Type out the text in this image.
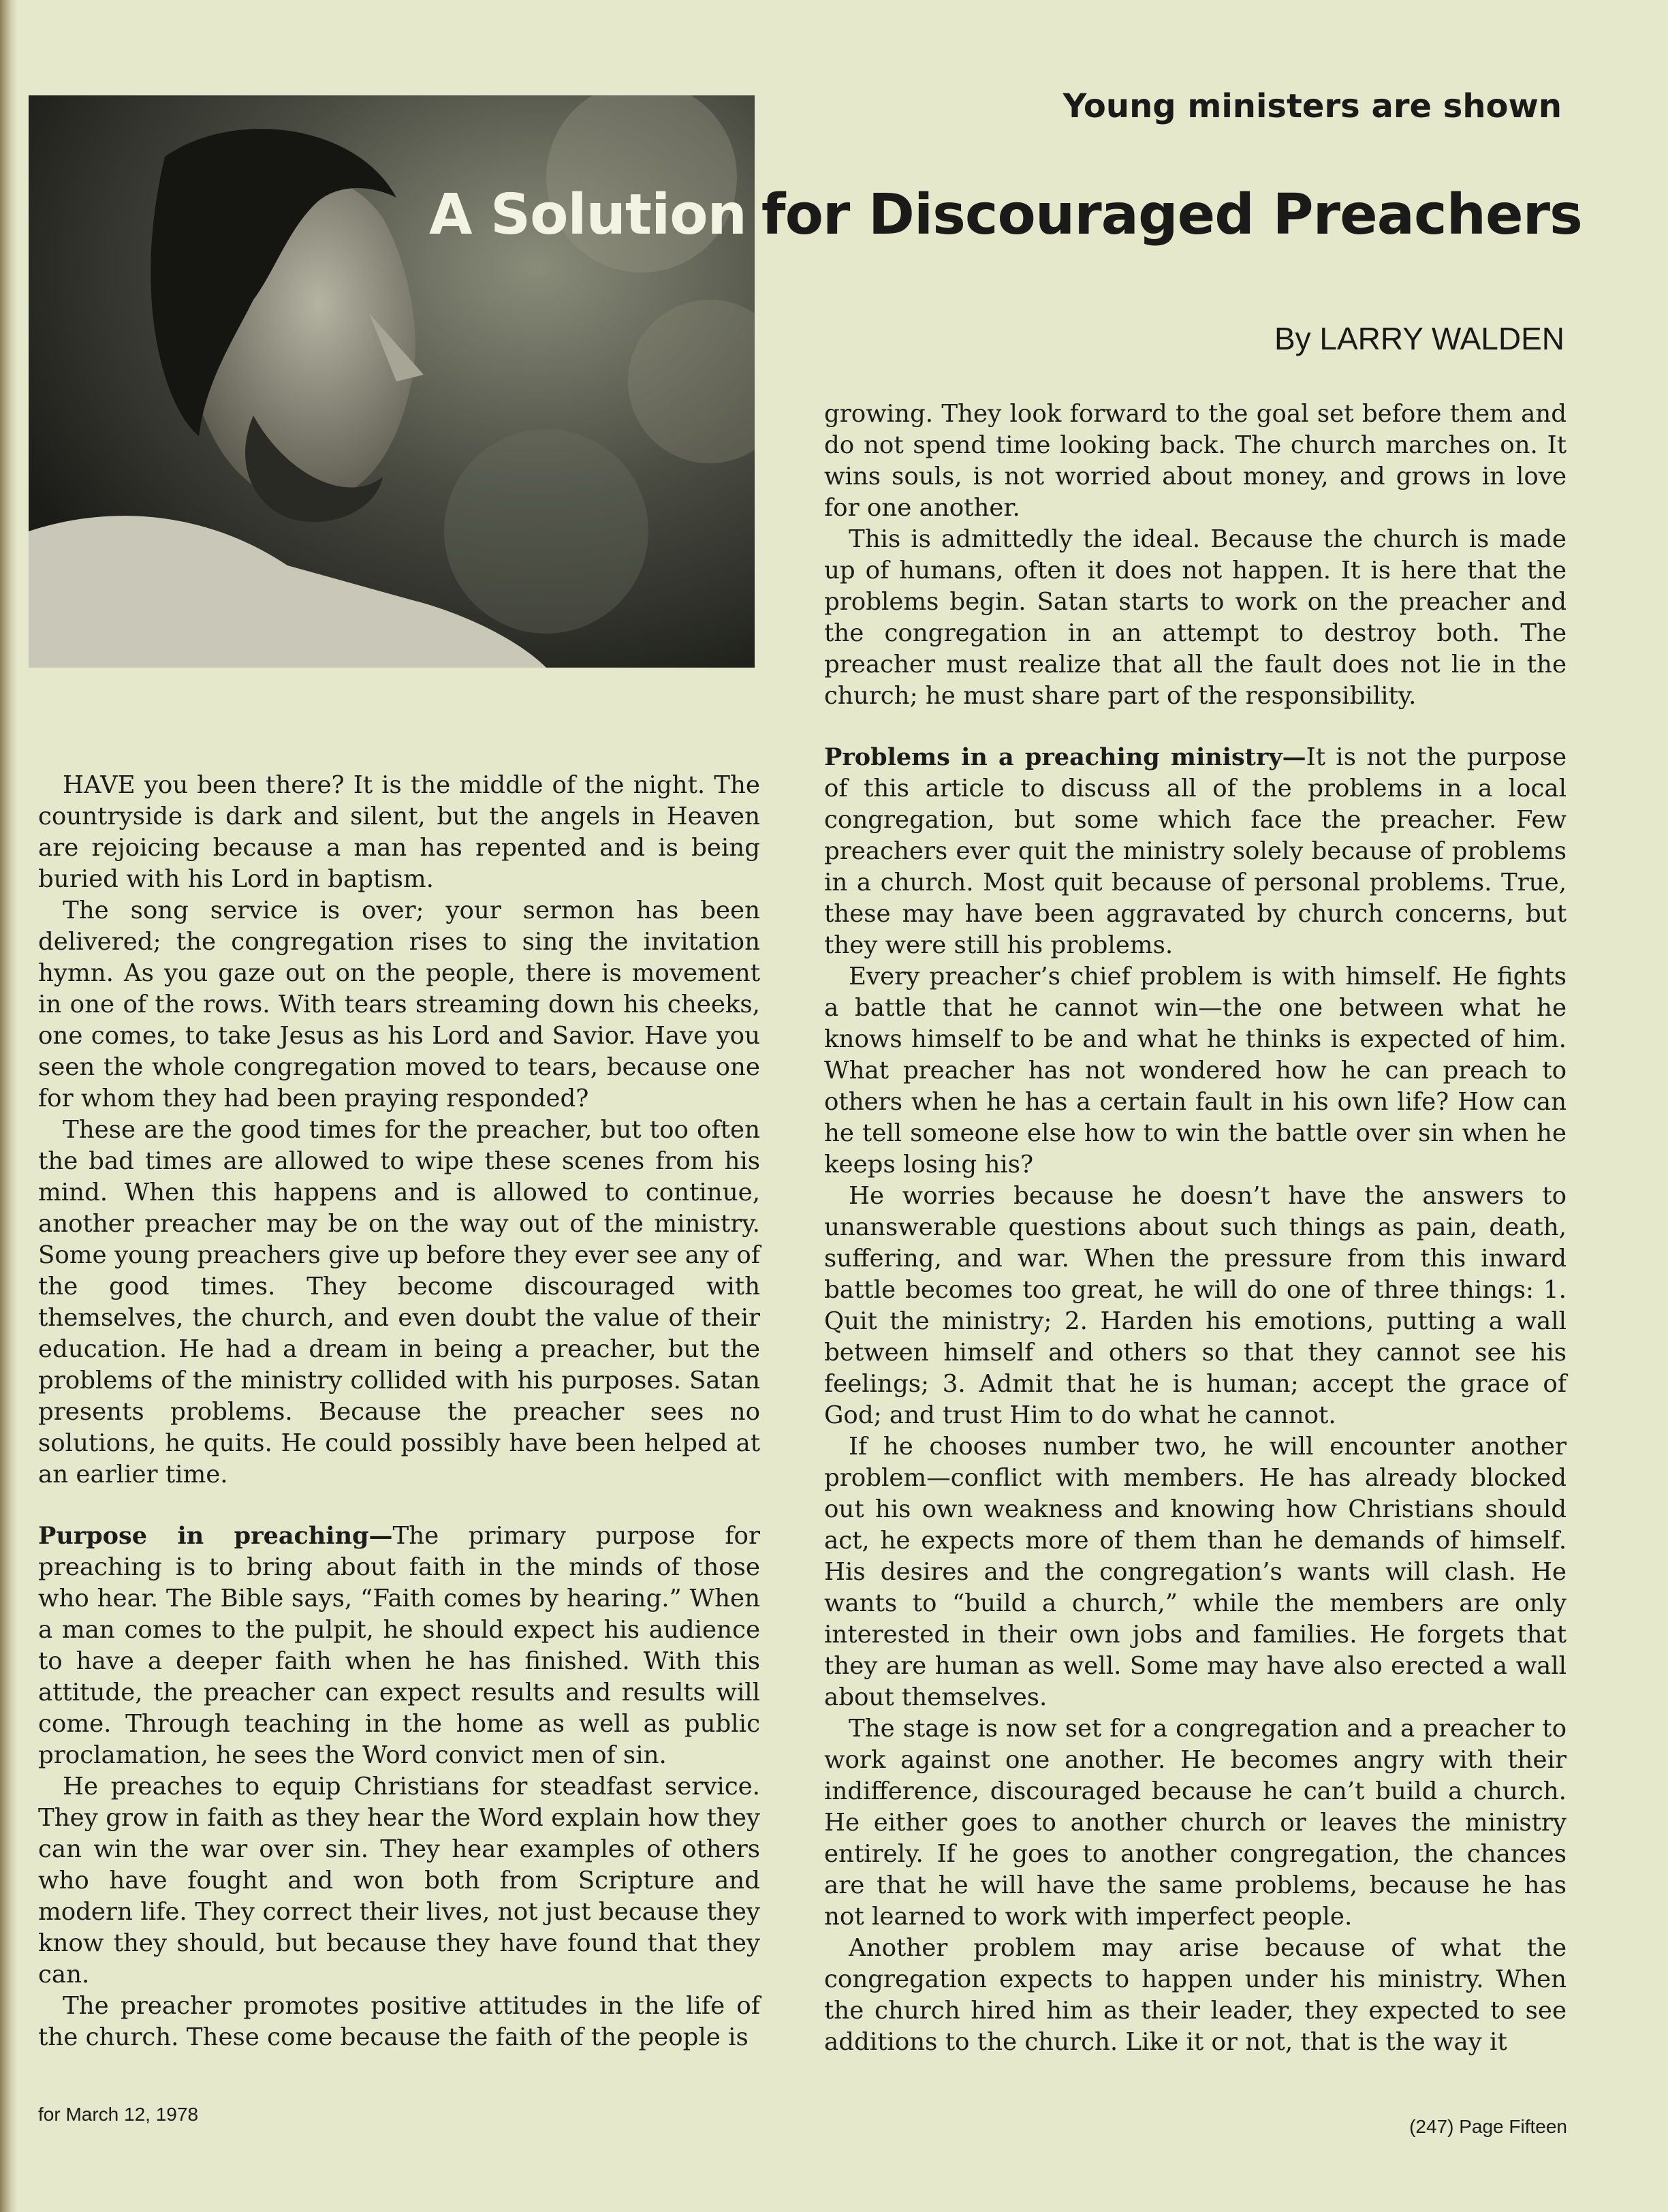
Young ministers are shown
A Solution for Discouraged Preachers
By LARRY WALDEN

HAVE you been there? It is the middle of the night. The countryside is dark and silent, but the angels in Heaven are rejoicing because a man has repented and is being buried with his Lord in baptism.

The song service is over; your sermon has been delivered; the congregation rises to sing the invitation hymn. As you gaze out on the people, there is movement in one of the rows. With tears streaming down his cheeks, one comes, to take Jesus as his Lord and Savior. Have you seen the whole congregation moved to tears, because one for whom they had been praying responded?

These are the good times for the preacher, but too often the bad times are allowed to wipe these scenes from his mind. When this happens and is allowed to continue, another preacher may be on the way out of the ministry. Some young preachers give up before they ever see any of the good times. They become discouraged with themselves, the church, and even doubt the value of their education. He had a dream in being a preacher, but the problems of the ministry collided with his purposes. Satan presents problems. Because the preacher sees no solutions, he quits. He could possibly have been helped at an earlier time.

Purpose in preaching—The primary purpose for preaching is to bring about faith in the minds of those who hear. The Bible says, “Faith comes by hearing.” When a man comes to the pulpit, he should expect his audience to have a deeper faith when he has finished. With this attitude, the preacher can expect results and results will come. Through teaching in the home as well as public proclamation, he sees the Word convict men of sin.

He preaches to equip Christians for steadfast service. They grow in faith as they hear the Word explain how they can win the war over sin. They hear examples of others who have fought and won both from Scripture and modern life. They correct their lives, not just because they know they should, but because they have found that they can.

The preacher promotes positive attitudes in the life of the church. These come because the faith of the people is

growing. They look forward to the goal set before them and do not spend time looking back. The church marches on. It wins souls, is not worried about money, and grows in love for one another.

This is admittedly the ideal. Because the church is made up of humans, often it does not happen. It is here that the problems begin. Satan starts to work on the preacher and the congregation in an attempt to destroy both. The preacher must realize that all the fault does not lie in the church; he must share part of the responsibility.

Problems in a preaching ministry—It is not the purpose of this article to discuss all of the problems in a local congregation, but some which face the preacher. Few preachers ever quit the ministry solely because of problems in a church. Most quit because of personal problems. True, these may have been aggravated by church concerns, but they were still his problems.

Every preacher’s chief problem is with himself. He fights a battle that he cannot win—the one between what he knows himself to be and what he thinks is expected of him. What preacher has not wondered how he can preach to others when he has a certain fault in his own life? How can he tell someone else how to win the battle over sin when he keeps losing his?

He worries because he doesn’t have the answers to unanswerable questions about such things as pain, death, suffering, and war. When the pressure from this inward battle becomes too great, he will do one of three things: 1. Quit the ministry; 2. Harden his emotions, putting a wall between himself and others so that they cannot see his feelings; 3. Admit that he is human; accept the grace of God; and trust Him to do what he cannot.

If he chooses number two, he will encounter another problem—conflict with members. He has already blocked out his own weakness and knowing how Christians should act, he expects more of them than he demands of himself. His desires and the congregation’s wants will clash. He wants to “build a church,” while the members are only interested in their own jobs and families. He forgets that they are human as well. Some may have also erected a wall about themselves.

The stage is now set for a congregation and a preacher to work against one another. He becomes angry with their indifference, discouraged because he can’t build a church. He either goes to another church or leaves the ministry entirely. If he goes to another congregation, the chances are that he will have the same problems, because he has not learned to work with imperfect people.

Another problem may arise because of what the congregation expects to happen under his ministry. When the church hired him as their leader, they expected to see additions to the church. Like it or not, that is the way it

for March 12, 1978
(247) Page Fifteen
